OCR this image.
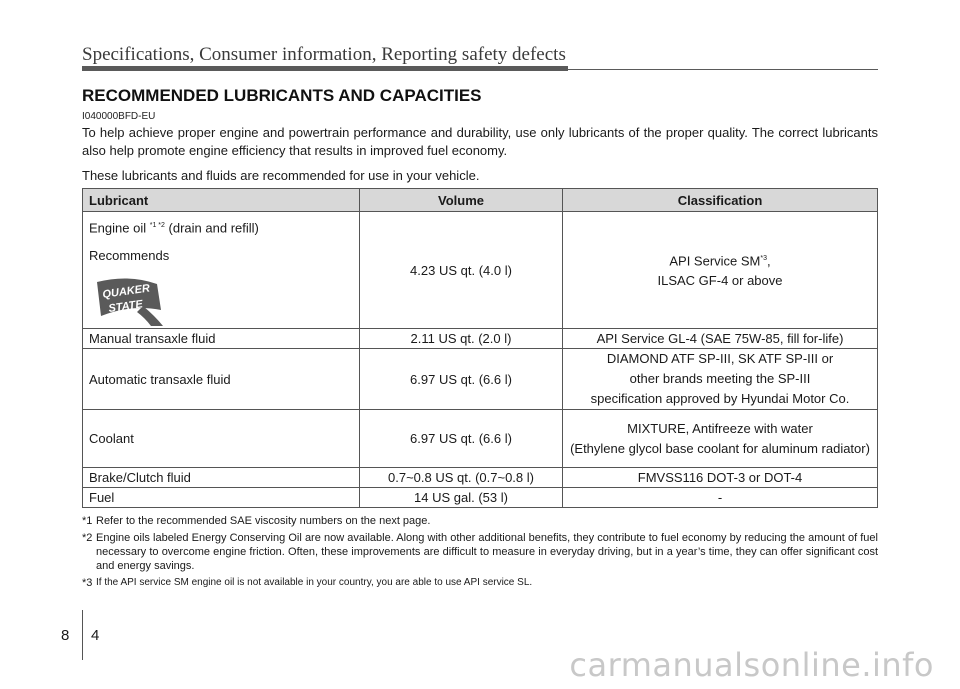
Specifications, Consumer information, Reporting safety defects
RECOMMENDED LUBRICANTS AND CAPACITIES
I040000BFD-EU

To help achieve proper engine and powertrain performance and durability, use only lubricants of the proper quality. The correct lubricants also help promote engine efficiency that results in improved fuel economy.

These lubricants and fluids are recommended for use in your vehicle.

Lubricant	Volume	Classification

Engine oil $^{*1 *2}$ (drain and refill)
Recommends
QUAKER
STATE	4.23 US qt. (4.0 l)	API Service SM$^{*3}$,
ILSAC GF-4 or above

Manual transaxle fluid	2.11 US qt. (2.0 l)	API Service GL-4 (SAE 75W-85, fill for-life)
Automatic transaxle fluid	6.97 US qt. (6.6 l)	DIAMOND ATF SP-III, SK ATF SP-III or
other brands meeting the SP-III
specification approved by Hyundai Motor Co.

Coolant	6.97 US qt. (6.6 l)	MIXTURE, Antifreeze with water
(Ethylene glycol base coolant for aluminum radiator)

Brake/Clutch fluid	0.7~0.8 US qt. (0.7~0.8 l)	FMVSS116 DOT-3 or DOT-4
Fuel	14 US gal. (53 l)	-
*1 Refer to the recommended SAE viscosity numbers on the next page.
*2 Engine oils labeled Energy Conserving Oil are now available. Along with other additional benefits, they contribute to fuel economy by reducing the amount of fuel necessary to overcome engine friction. Often, these improvements are difficult to measure in everyday driving, but in a year’s time, they can offer significant cost and energy savings.
*3 If the API service SM engine oil is not available in your country, you are able to use API service SL.
8 4
carmanualsonline.info
